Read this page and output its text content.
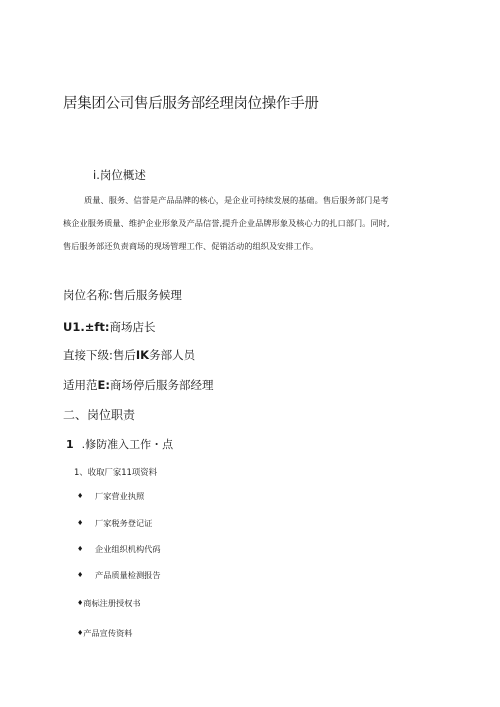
居集团公司售后服务部经理岗位操作手册
i.岗位概述
质量、服务、信誉是产品品牌的核心，是企业可持续发展的基础。售后服务部门是考
核企业服务质量、维护企业形象及产品信誉,提升企业品牌形象及核心力的扎口部门。同时,
售后服务部还负责商场的现场管理工作、促销活动的组织及安排工作。
岗位名称:售后服务候理
U1.±ft:商场店长
直接下级:售后IK务部人员
适用范E:商场停后服务部经理
二、岗位职责
1 .修防准入工作・点
1、收取厂家11项资料
♦ 厂家营业执照
♦ 厂家税务登记证
♦ 企业组织机构代码
♦ 产品质量检测报告
♦商标注册授权书
♦产品宣传资料
